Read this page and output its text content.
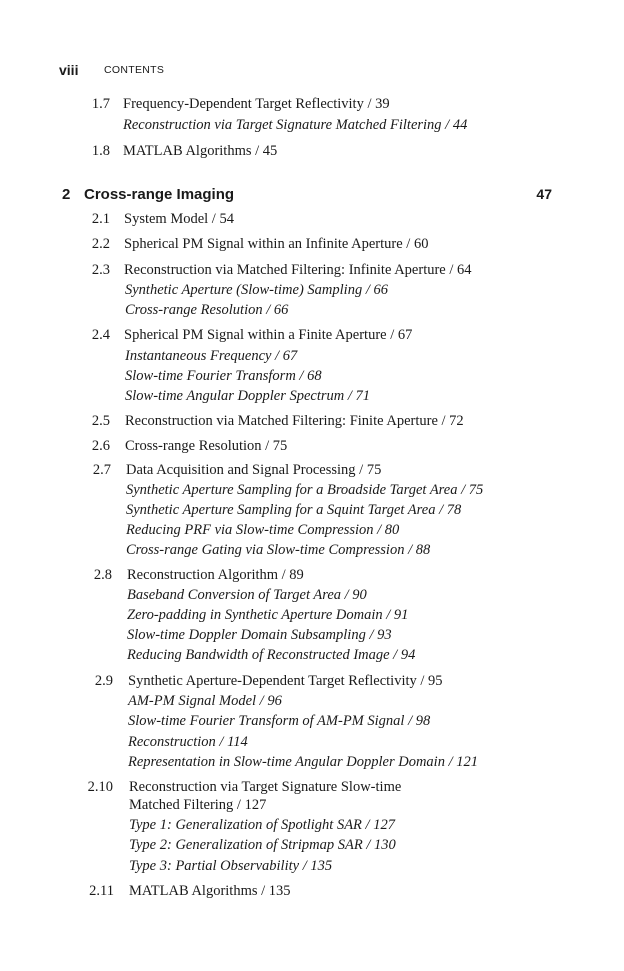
viii CONTENTS
1.7 Frequency-Dependent Target Reflectivity / 39
Reconstruction via Target Signature Matched Filtering / 44
1.8 MATLAB Algorithms / 45
2 Cross-range Imaging	47
2.1 System Model / 54
2.2 Spherical PM Signal within an Infinite Aperture / 60
2.3 Reconstruction via Matched Filtering: Infinite Aperture / 64
Synthetic Aperture (Slow-time) Sampling / 66
Cross-range Resolution / 66
2.4 Spherical PM Signal within a Finite Aperture / 67
Instantaneous Frequency / 67
Slow-time Fourier Transform / 68
Slow-time Angular Doppler Spectrum / 71
2.5 Reconstruction via Matched Filtering: Finite Aperture / 72
2.6 Cross-range Resolution / 75
2.7 Data Acquisition and Signal Processing / 75
Synthetic Aperture Sampling for a Broadside Target Area / 75
Synthetic Aperture Sampling for a Squint Target Area / 78
Reducing PRF via Slow-time Compression / 80
Cross-range Gating via Slow-time Compression / 88
2.8 Reconstruction Algorithm / 89
Baseband Conversion of Target Area / 90
Zero-padding in Synthetic Aperture Domain / 91
Slow-time Doppler Domain Subsampling / 93
Reducing Bandwidth of Reconstructed Image / 94
2.9 Synthetic Aperture-Dependent Target Reflectivity / 95
AM-PM Signal Model / 96
Slow-time Fourier Transform of AM-PM Signal / 98
Reconstruction / 114
Representation in Slow-time Angular Doppler Domain / 121
2.10 Reconstruction via Target Signature Slow-time
Matched Filtering / 127
Type 1: Generalization of Spotlight SAR / 127
Type 2: Generalization of Stripmap SAR / 130
Type 3: Partial Observability / 135
2.11 MATLAB Algorithms / 135
